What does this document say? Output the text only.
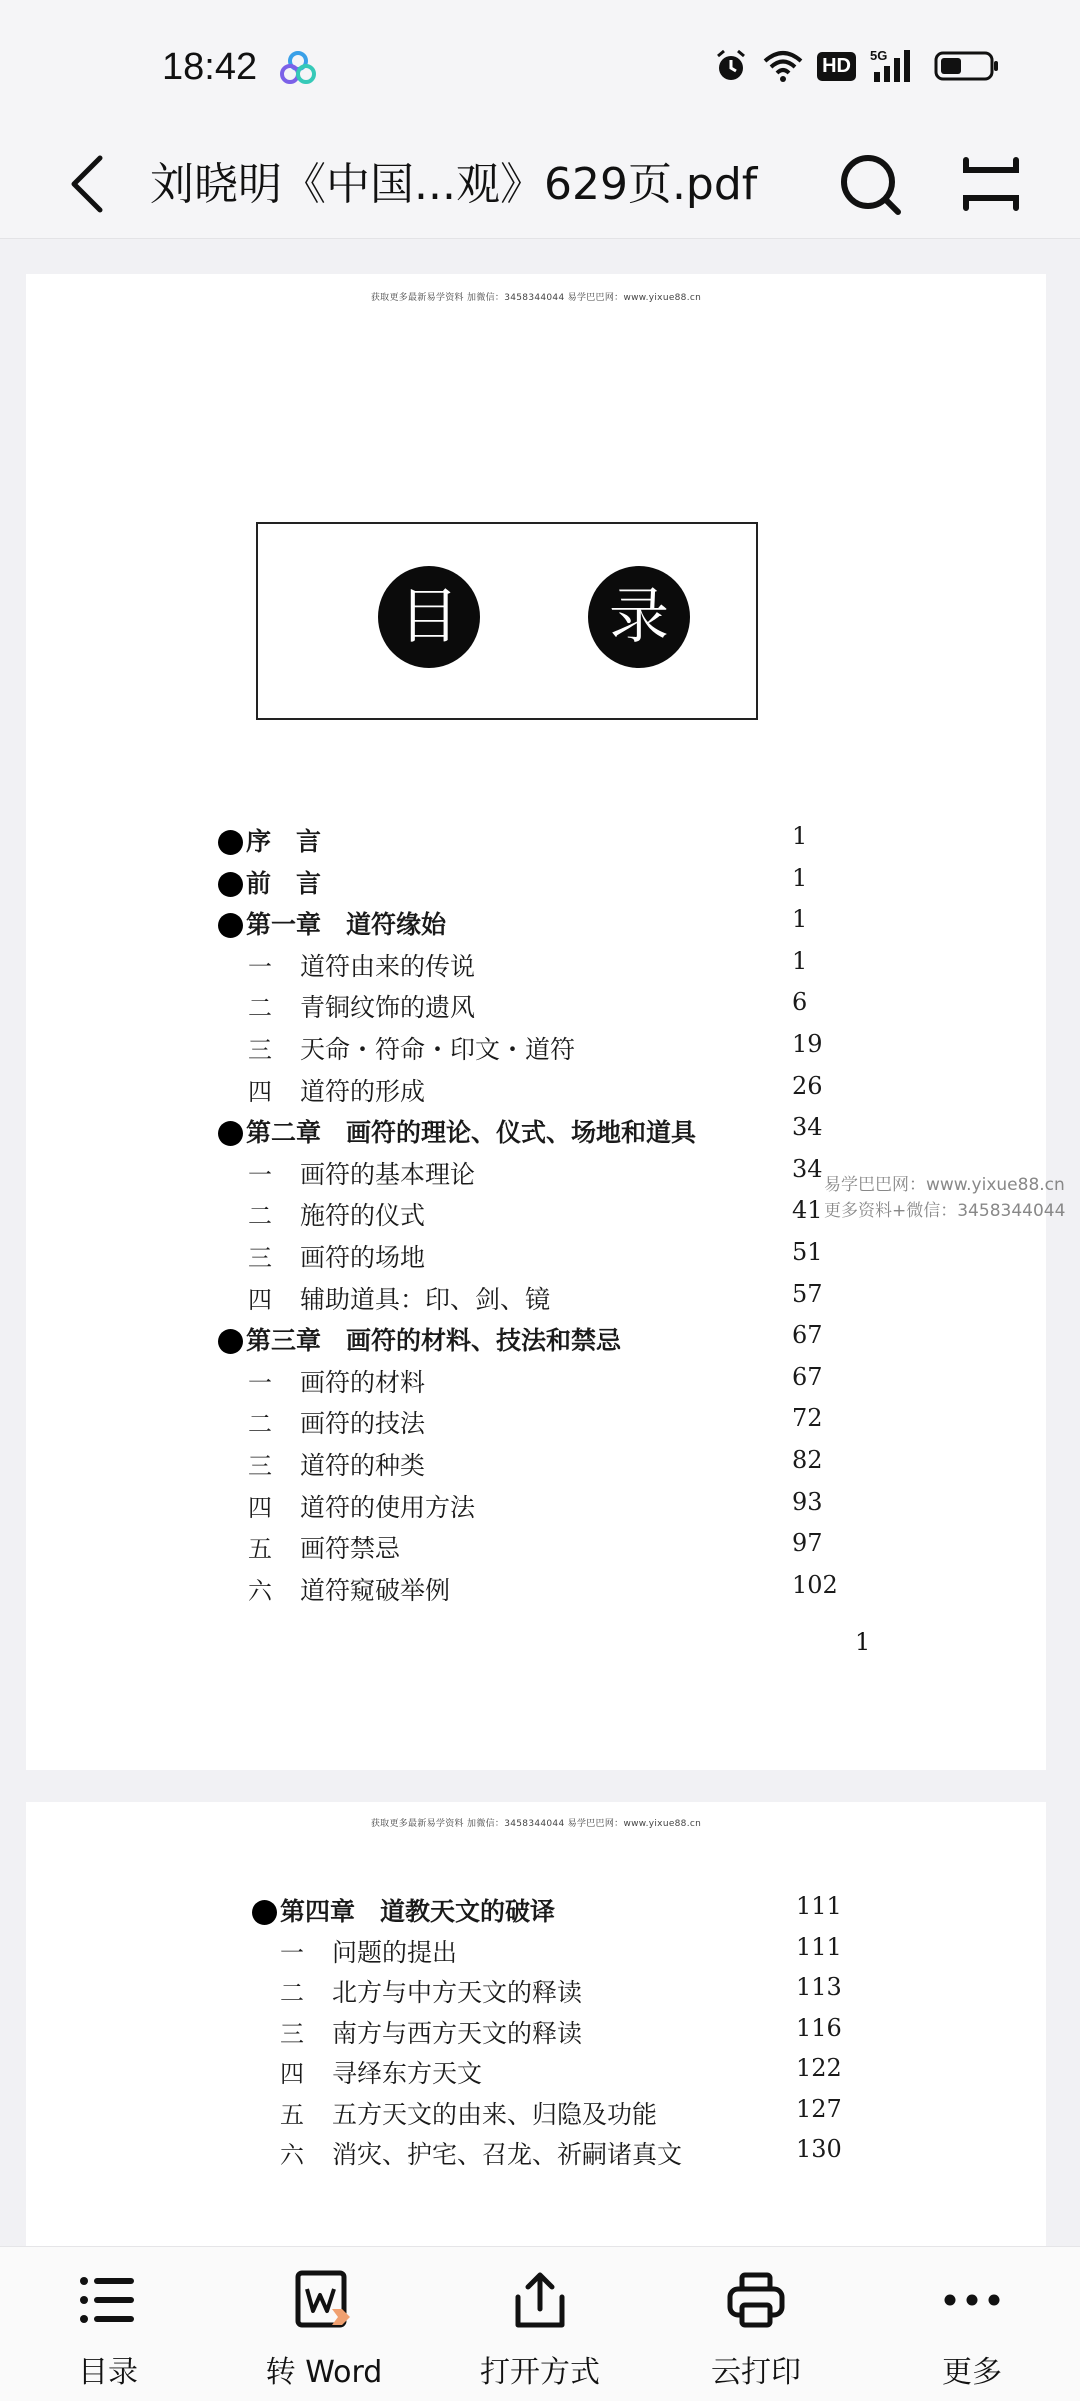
18:42	HD	5G
刘晓明《中国...观》629页.pdf
获取更多最新易学资料 加微信：3458344044 易学巴巴网：www.yixue88.cn
目	录
序　言	1
前　言	1
第一章　道符缘始	1
一 道符由来的传说	1
二 青铜纹饰的遗风	6
三 天命・符命・印文・道符	19
四 道符的形成	26
第二章　画符的理论、仪式、场地和道具	34
一 画符的基本理论	34
二 施符的仪式	41
三 画符的场地	51
四 辅助道具：印、剑、镜	57
第三章　画符的材料、技法和禁忌	67
一 画符的材料	67
二 画符的技法	72
三 道符的种类	82
四 道符的使用方法	93
五 画符禁忌	97
六 道符窥破举例	102
1
易学巴巴网：www.yixue88.cn
更多资料+微信：3458344044
获取更多最新易学资料 加微信：3458344044 易学巴巴网：www.yixue88.cn
第四章　道教天文的破译	111
一 问题的提出	111
二 北方与中方天文的释读	113
三 南方与西方天文的释读	116
四 寻绎东方天文	122
五 五方天文的由来、归隐及功能	127
六 消灾、护宅、召龙、祈嗣诸真文	130
目录	转 Word	打开方式	云打印	更多
